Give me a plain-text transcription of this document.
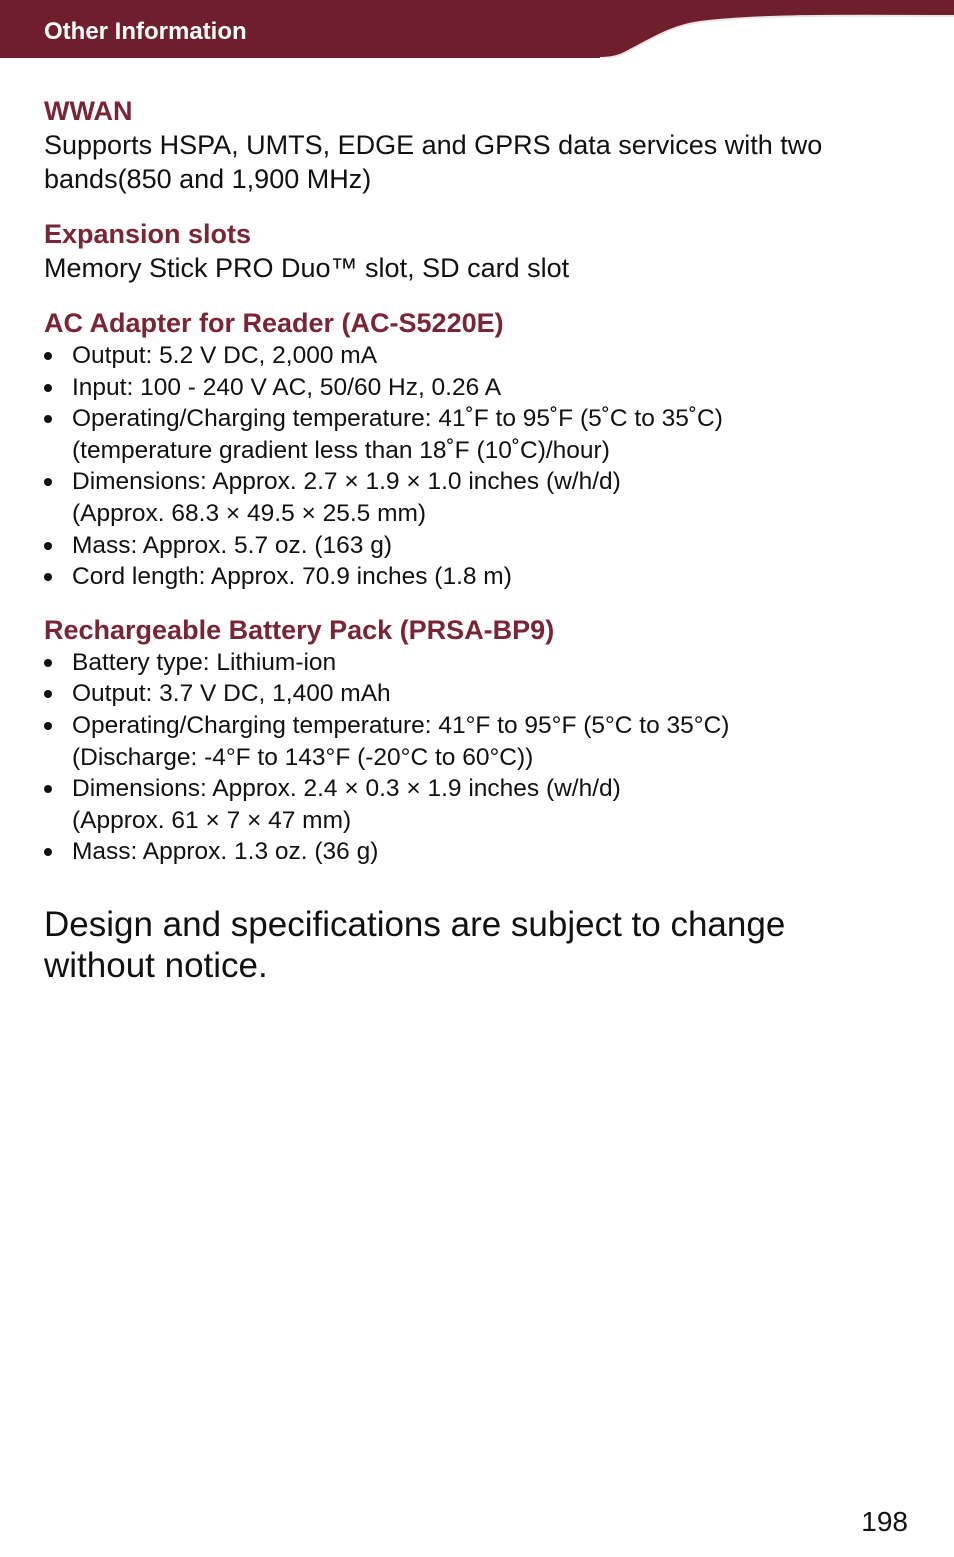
Other Information

WWAN

Supports HSPA, UMTS, EDGE and GPRS data services with two
bands(850 and 1,900 MHz)

Expansion slots

Memory Stick PRO Duo™ slot, SD card slot

AC Adapter for Reader (AC-S5220E)

Output: 5.2 V DC, 2,000 mA
Input: 100 - 240 V AC, 50/60 Hz, 0.26 A
Operating/Charging temperature: 41˚F to 95˚F (5˚C to 35˚C)
(temperature gradient less than 18˚F (10˚C)/hour)
Dimensions: Approx. 2.7 × 1.9 × 1.0 inches (w/h/d)
(Approx. 68.3 × 49.5 × 25.5 mm)
Mass: Approx. 5.7 oz. (163 g)
Cord length: Approx. 70.9 inches (1.8 m)

Rechargeable Battery Pack (PRSA-BP9)

Battery type: Lithium-ion
Output: 3.7 V DC, 1,400 mAh
Operating/Charging temperature: 41°F to 95°F (5°C to 35°C)
(Discharge: -4°F to 143°F (-20°C to 60°C))
Dimensions: Approx. 2.4 × 0.3 × 1.9 inches (w/h/d)
(Approx. 61 × 7 × 47 mm)
Mass: Approx. 1.3 oz. (36 g)

Design and specifications are subject to change
without notice.

198
